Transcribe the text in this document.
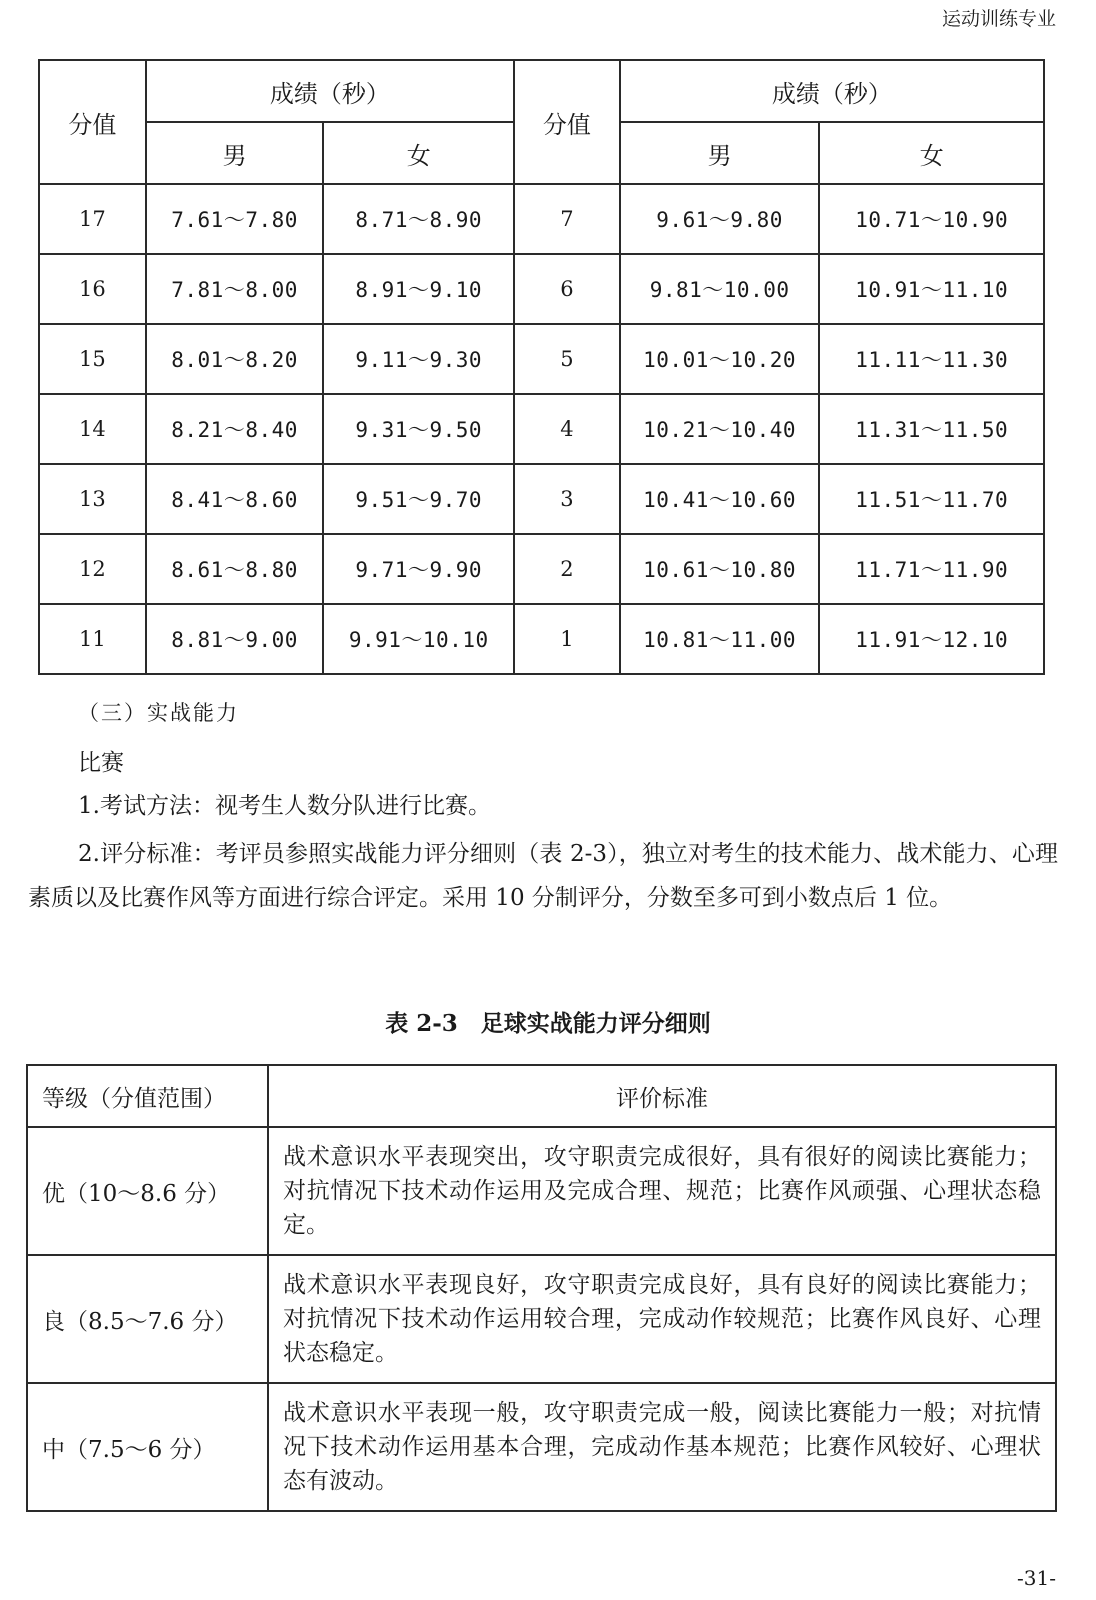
运动训练专业
分值	成绩（秒）		分值	成绩（秒）	
	男	女		男	女
17	7.61～7.80	8.71～8.90	7	9.61～9.80	10.71～10.90
16	7.81～8.00	8.91～9.10	6	9.81～10.00	10.91～11.10
15	8.01～8.20	9.11～9.30	5	10.01～10.20	11.11～11.30
14	8.21～8.40	9.31～9.50	4	10.21～10.40	11.31～11.50
13	8.41～8.60	9.51～9.70	3	10.41～10.60	11.51～11.70
12	8.61～8.80	9.71～9.90	2	10.61～10.80	11.71～11.90
11	8.81～9.00	9.91～10.10	1	10.81～11.00	11.91～12.10
（三）实战能力
比赛
1.考试方法：视考生人数分队进行比赛。
2.评分标准：考评员参照实战能力评分细则（表 2-3），独立对考生的技术能力、战术能力、心理素质以及比赛作风等方面进行综合评定。采用 10 分制评分，分数至多可到小数点后 1 位。
表 2-3　足球实战能力评分细则
等级（分值范围）	评价标准
优（10～8.6 分）	战术意识水平表现突出，攻守职责完成很好，具有很好的阅读比赛能力；对抗情况下技术动作运用及完成合理、规范；比赛作风顽强、心理状态稳定。
良（8.5～7.6 分）	战术意识水平表现良好，攻守职责完成良好，具有良好的阅读比赛能力；对抗情况下技术动作运用较合理，完成动作较规范；比赛作风良好、心理状态稳定。
中（7.5～6 分）	战术意识水平表现一般，攻守职责完成一般，阅读比赛能力一般；对抗情况下技术动作运用基本合理，完成动作基本规范；比赛作风较好、心理状态有波动。
-31-
